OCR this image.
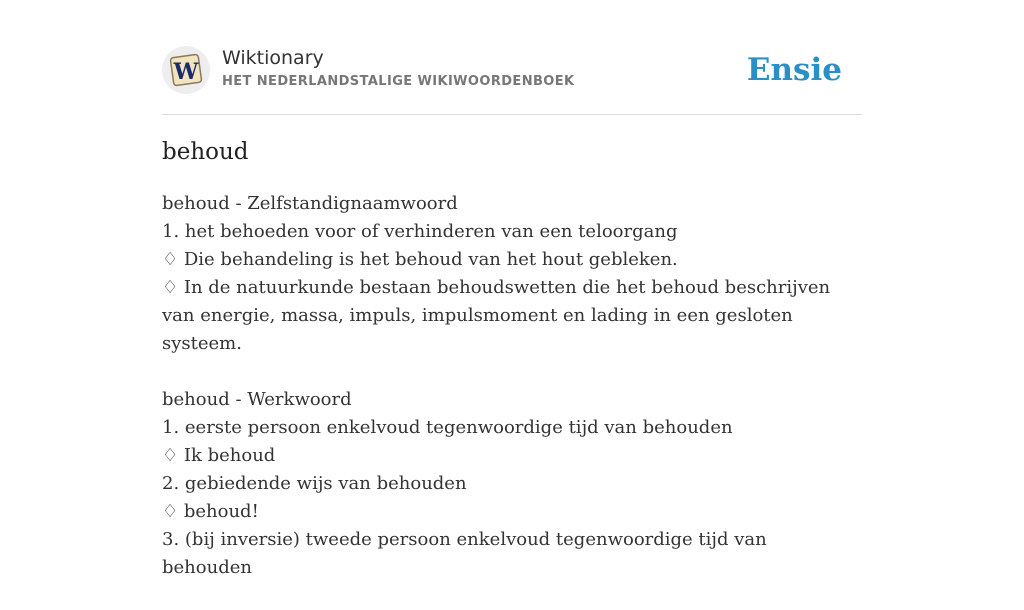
W
Wiktionary
HET NEDERLANDSTALIGE WIKIWOORDENBOEK	Ensie
behoud
behoud - Zelfstandignaamwoord
1. het behoeden voor of verhinderen van een teloorgang
♢ Die behandeling is het behoud van het hout gebleken.
♢ In de natuurkunde bestaan behoudswetten die het behoud beschrijven van energie, massa, impuls, impulsmoment en lading in een gesloten systeem.
behoud - Werkwoord
1. eerste persoon enkelvoud tegenwoordige tijd van behouden
♢ Ik behoud
2. gebiedende wijs van behouden
♢ behoud!
3. (bij inversie) tweede persoon enkelvoud tegenwoordige tijd van behouden
